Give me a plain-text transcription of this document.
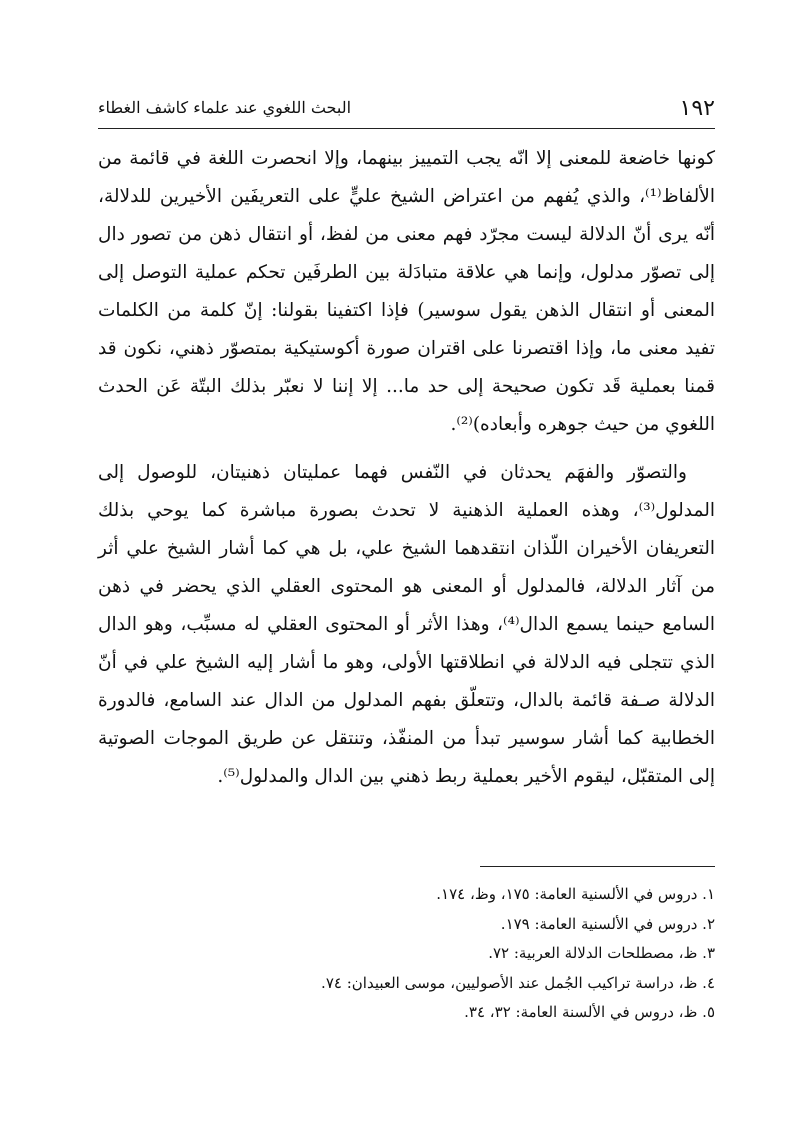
١٩٢
البحث اللغوي عند علماء كاشف الغطاء

كونها خاضعة للمعنى إلا انّه يجب التمييز بينهما، وإلا انحصرت اللغة في قائمة من الألفاظ⁽¹⁾، والذي يُفهم من اعتراض الشيخ عليٍّ على التعريفَين الأخيرين للدلالة، أنّه يرى أنّ الدلالة ليست مجرّد فهم معنى من لفظ، أو انتقال ذهن من تصور دال إلى تصوّر مدلول، وإنما هي علاقة متبادَلة بين الطرفَين تحكم عملية التوصل إلى المعنى أو انتقال الذهن يقول سوسير) فإذا اكتفينا بقولنا: إنّ كلمة من الكلمات تفيد معنى ما، وإذا اقتصرنا على اقتران صورة أكوستيكية بمتصوّر ذهني، نكون قد قمنا بعملية قَد تكون صحيحة إلى حد ما... إلا إننا لا نعبّر بذلك البتّة عَن الحدث اللغوي من حيث جوهره وأبعاده)⁽²⁾.

والتصوّر والفهَم يحدثان في النّفس فهما عمليتان ذهنيتان، للوصول إلى المدلول⁽³⁾، وهذه العملية الذهنية لا تحدث بصورة مباشرة كما يوحي بذلك التعريفان الأخيران اللّذان انتقدهما الشيخ علي، بل هي كما أشار الشيخ علي أثر من آثار الدلالة، فالمدلول أو المعنى هو المحتوى العقلي الذي يحضر في ذهن السامع حينما يسمع الدال⁽⁴⁾، وهذا الأثر أو المحتوى العقلي له مسبِّب، وهو الدال الذي تتجلى فيه الدلالة في انطلاقتها الأولى، وهو ما أشار إليه الشيخ علي في أنّ الدلالة صـفة قائمة بالدال، وتتعلّق بفهم المدلول من الدال عند السامع، فالدورة الخطابية كما أشار سوسير تبدأ من المنفّذ، وتنتقل عن طريق الموجات الصوتية إلى المتقبّل، ليقوم الأخير بعملية ربط ذهني بين الدال والمدلول⁽⁵⁾.

١. دروس في الألسنية العامة: ١٧٥، وظ، ١٧٤.
٢. دروس في الألسنية العامة: ١٧٩.
٣. ظ، مصطلحات الدلالة العربية: ٧٢.
٤. ظ، دراسة تراكيب الجُمل عند الأصوليين، موسى العبيدان: ٧٤.
٥. ظ، دروس في الألسنة العامة: ٣٢، ٣٤.
